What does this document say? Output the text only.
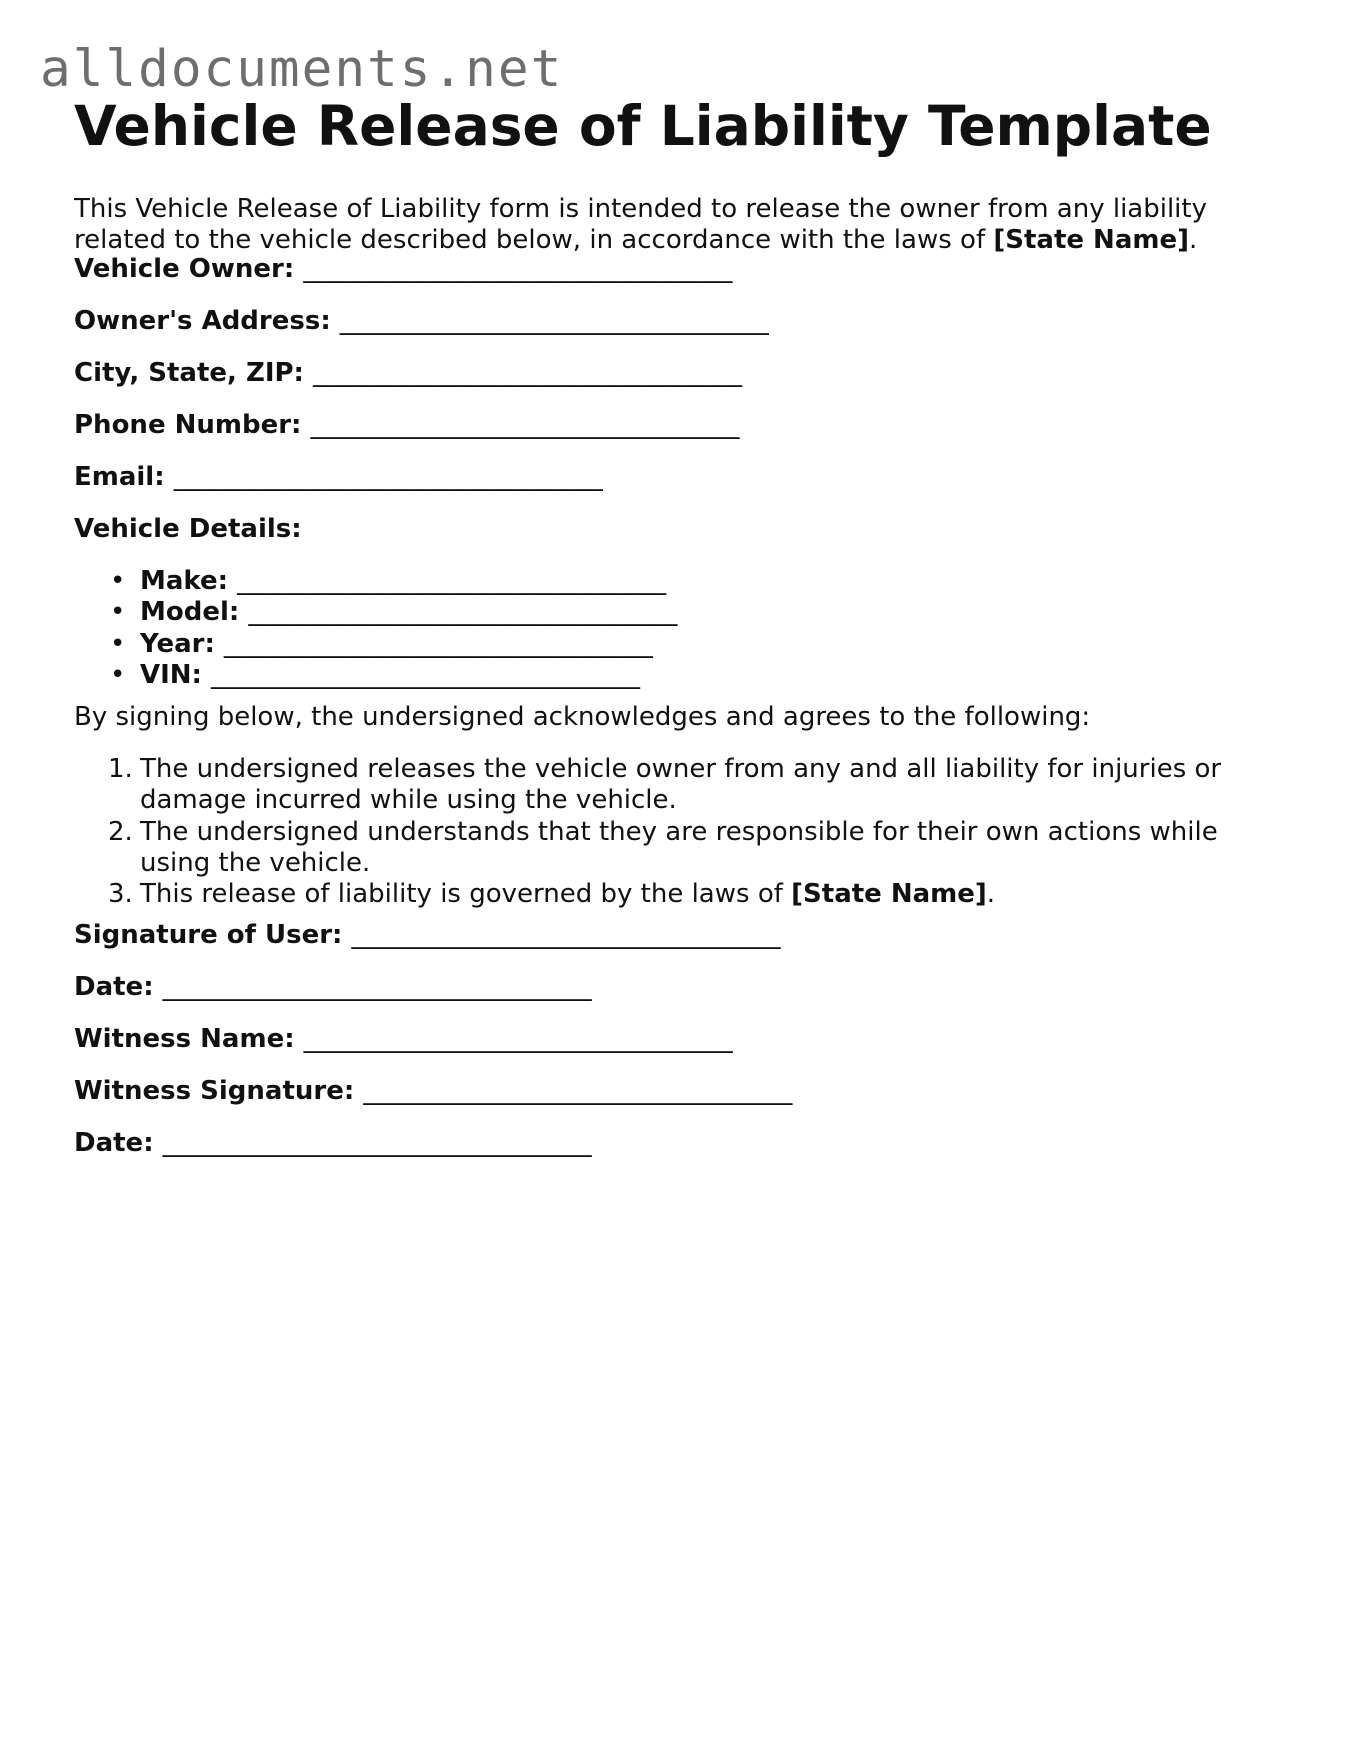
alldocuments.net
Vehicle Release of Liability Template

This Vehicle Release of Liability form is intended to release the owner from any liability related to the vehicle described below, in accordance with the laws of [State Name].

Vehicle Owner: _________________________________
Owner's Address: _________________________________
City, State, ZIP: _________________________________
Phone Number: _________________________________
Email: _________________________________
Vehicle Details:
• Make: _________________________________
• Model: _________________________________
• Year: _________________________________
• VIN: _________________________________
By signing below, the undersigned acknowledges and agrees to the following:
1. The undersigned releases the vehicle owner from any and all liability for injuries or
damage incurred while using the vehicle.
2. The undersigned understands that they are responsible for their own actions while
using the vehicle.
3. This release of liability is governed by the laws of [State Name].
Signature of User: _________________________________
Date: _________________________________
Witness Name: _________________________________
Witness Signature: _________________________________
Date: _________________________________
